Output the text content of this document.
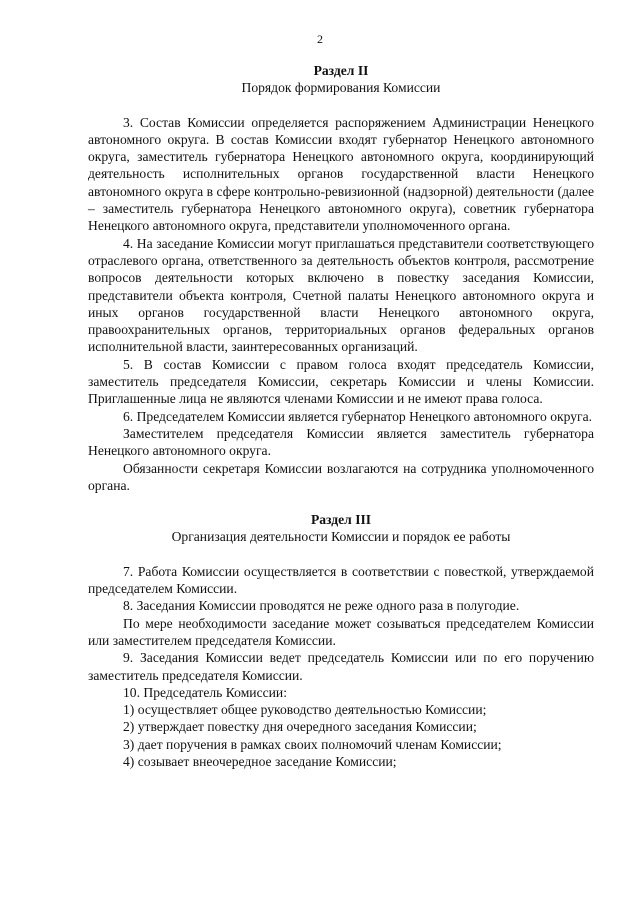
2

Раздел II

Порядок формирования Комиссии

3. Состав Комиссии определяется распоряжением Администрации Ненецкого автономного округа. В состав Комиссии входят губернатор Ненецкого автономного округа, заместитель губернатора Ненецкого автономного округа, координирующий деятельность исполнительных органов государственной власти Ненецкого автономного округа в сфере контрольно-ревизионной (надзорной) деятельности (далее – заместитель губернатора Ненецкого автономного округа), советник губернатора Ненецкого автономного округа, представители уполномоченного органа.

4. На заседание Комиссии могут приглашаться представители соответствующего отраслевого органа, ответственного за деятельность объектов контроля, рассмотрение вопросов деятельности которых включено в повестку заседания Комиссии, представители объекта контроля, Счетной палаты Ненецкого автономного округа и иных органов государственной власти Ненецкого автономного округа, правоохранительных органов, территориальных органов федеральных органов исполнительной власти, заинтересованных организаций.

5. В состав Комиссии с правом голоса входят председатель Комиссии, заместитель председателя Комиссии, секретарь Комиссии и члены Комиссии. Приглашенные лица не являются членами Комиссии и не имеют права голоса.

6. Председателем Комиссии является губернатор Ненецкого автономного округа.

Заместителем председателя Комиссии является заместитель губернатора Ненецкого автономного округа.

Обязанности секретаря Комиссии возлагаются на сотрудника уполномоченного органа.

Раздел III

Организация деятельности Комиссии и порядок ее работы

7. Работа Комиссии осуществляется в соответствии с повесткой, утверждаемой председателем Комиссии.

8. Заседания Комиссии проводятся не реже одного раза в полугодие.

По мере необходимости заседание может созываться председателем Комиссии или заместителем председателя Комиссии.

9. Заседания Комиссии ведет председатель Комиссии или по его поручению заместитель председателя Комиссии.

10. Председатель Комиссии:

1) осуществляет общее руководство деятельностью Комиссии;

2) утверждает повестку дня очередного заседания Комиссии;

3) дает поручения в рамках своих полномочий членам Комиссии;

4) созывает внеочередное заседание Комиссии;
